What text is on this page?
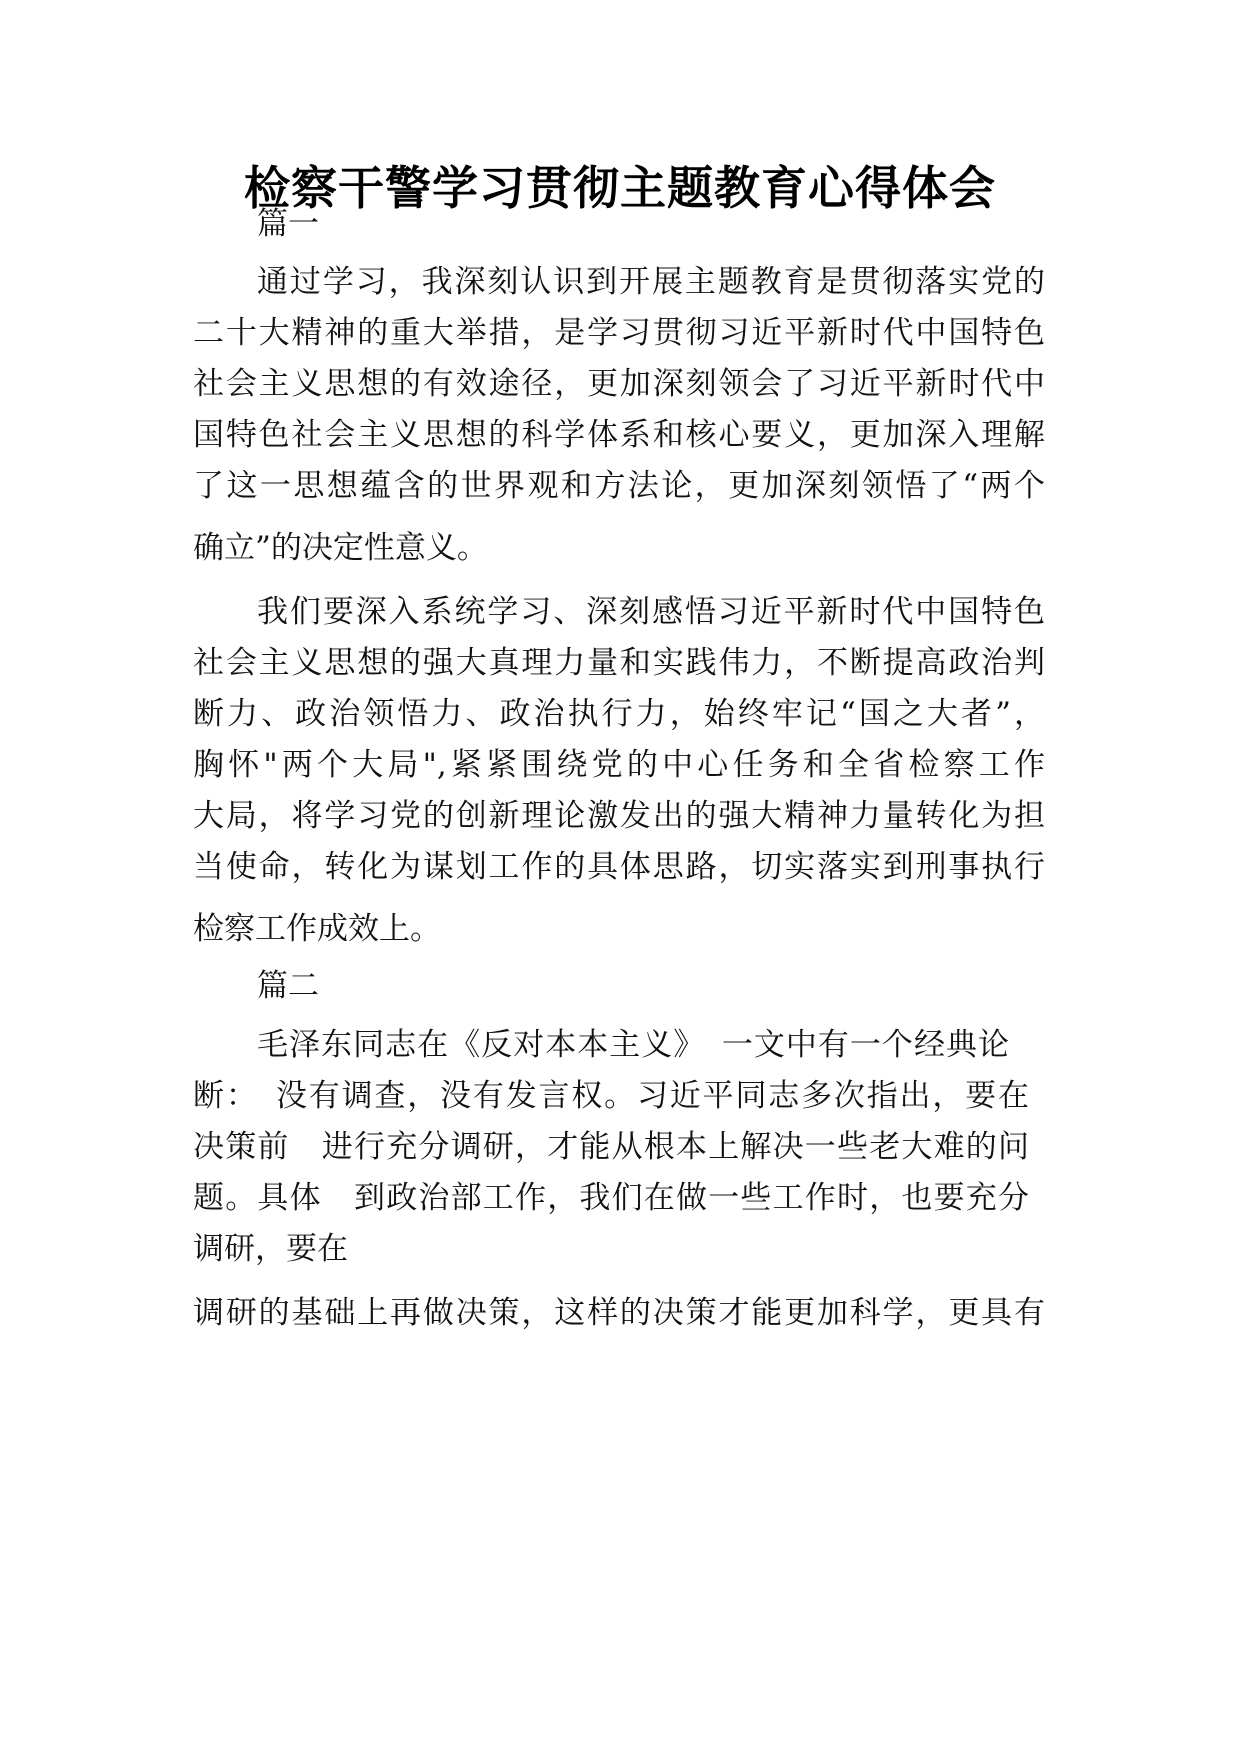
检察干警学习贯彻主题教育心得体会
篇一
通过学习，我深刻认识到开展主题教育是贯彻落实党的
二十大精神的重大举措，是学习贯彻习近平新时代中国特色
社会主义思想的有效途径，更加深刻领会了习近平新时代中
国特色社会主义思想的科学体系和核心要义，更加深入理解
了这一思想蕴含的世界观和方法论，更加深刻领悟了“两个
确立”的决定性意义。
我们要深入系统学习、深刻感悟习近平新时代中国特色
社会主义思想的强大真理力量和实践伟力，不断提高政治判
断力、政治领悟力、政治执行力，始终牢记“国之大者”，
胸怀"两个大局",紧紧围绕党的中心任务和全省检察工作
大局，将学习党的创新理论激发出的强大精神力量转化为担
当使命，转化为谋划工作的具体思路，切实落实到刑事执行
检察工作成效上。
篇二
毛泽东同志在《反对本本主义》　一文中有一个经典论
断：　没有调查，没有发言权。习近平同志多次指出，要在
决策前　进行充分调研，才能从根本上解决一些老大难的问
题。具体　到政治部工作，我们在做一些工作时，也要充分
调研，要在
调研的基础上再做决策，这样的决策才能更加科学，更具有
